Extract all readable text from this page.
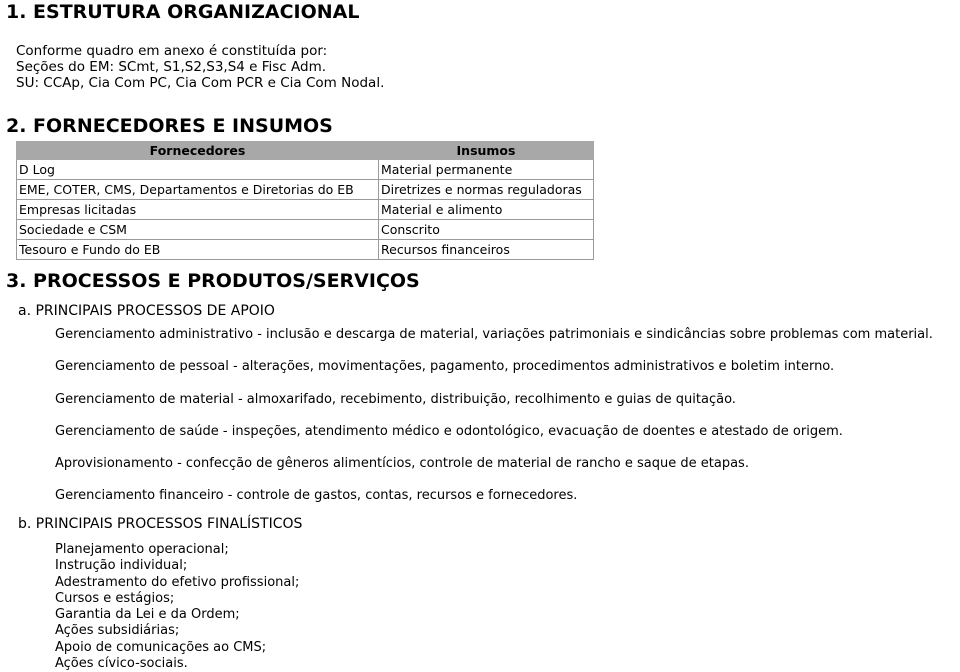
1. ESTRUTURA ORGANIZACIONAL
Conforme quadro em anexo é constituída por:
Seções do EM: SCmt, S1,S2,S3,S4 e Fisc Adm.
SU: CCAp, Cia Com PC, Cia Com PCR e Cia Com Nodal.
2. FORNECEDORES E INSUMOS
Fornecedores	Insumos
D Log	Material permanente
EME, COTER, CMS, Departamentos e Diretorias do EB	Diretrizes e normas reguladoras
Empresas licitadas	Material e alimento
Sociedade e CSM	Conscrito
Tesouro e Fundo do EB	Recursos financeiros
3. PROCESSOS E PRODUTOS/SERVIÇOS
a. PRINCIPAIS PROCESSOS DE APOIO
Gerenciamento administrativo - inclusão e descarga de material, variações patrimoniais e sindicâncias sobre problemas com material.
Gerenciamento de pessoal - alterações, movimentações, pagamento, procedimentos administrativos e boletim interno.
Gerenciamento de material - almoxarifado, recebimento, distribuição, recolhimento e guias de quitação.
Gerenciamento de saúde - inspeções, atendimento médico e odontológico, evacuação de doentes e atestado de origem.
Aprovisionamento - confecção de gêneros alimentícios, controle de material de rancho e saque de etapas.
Gerenciamento financeiro - controle de gastos, contas, recursos e fornecedores.
b. PRINCIPAIS PROCESSOS FINALÍSTICOS
Planejamento operacional;
Instrução individual;
Adestramento do efetivo profissional;
Cursos e estágios;
Garantia da Lei e da Ordem;
Ações subsidiárias;
Apoio de comunicações ao CMS;
Ações cívico-sociais.
